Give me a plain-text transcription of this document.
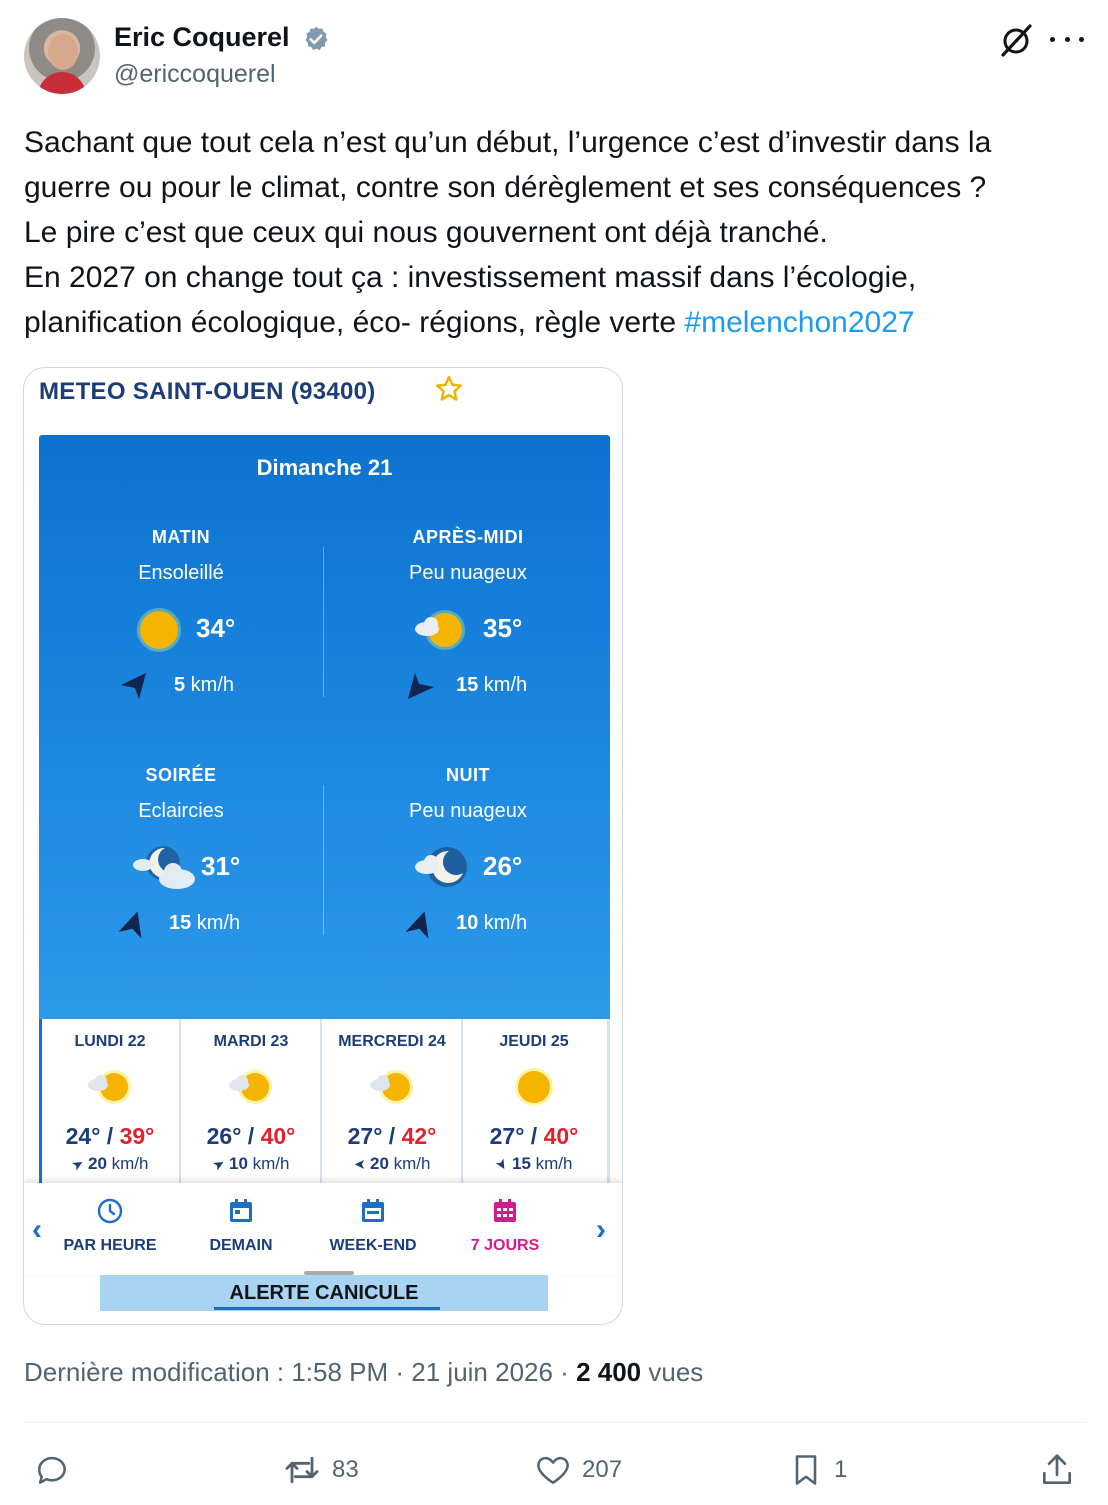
Eric Coquerel
@ericcoquerel

Sachant que tout cela n’est qu’un début, l’urgence c’est d’investir dans la

guerre ou pour le climat, contre son dérèglement et ses conséquences ?

Le pire c’est que ceux qui nous gouvernent ont déjà tranché.

En 2027 on change tout ça : investissement massif dans l’écologie,

planification écologique, éco- régions, règle verte #melenchon2027

METEO SAINT-OUEN (93400)
Dimanche 21
MATIN
Ensoleillé
34°
5 km/h
APRÈS-MIDI
Peu nuageux
35°
15 km/h
SOIRÉE
Eclaircies
31°
15 km/h
NUIT
Peu nuageux
26°
10 km/h
LUNDI 22
24° / 39°
➤ 20 km/h
MARDI 23
26° / 40°
➤ 10 km/h
MERCREDI 24
27° / 42°
➤ 20 km/h
JEUDI 25
27° / 40°
➤ 15 km/h
‹	PAR HEURE	DEMAIN	WEEK-END	7 JOURS	›
ALERTE CANICULE
Dernière modification : 1:58 PM · 21 juin 2026 · 2 400 vues
83	207	1
